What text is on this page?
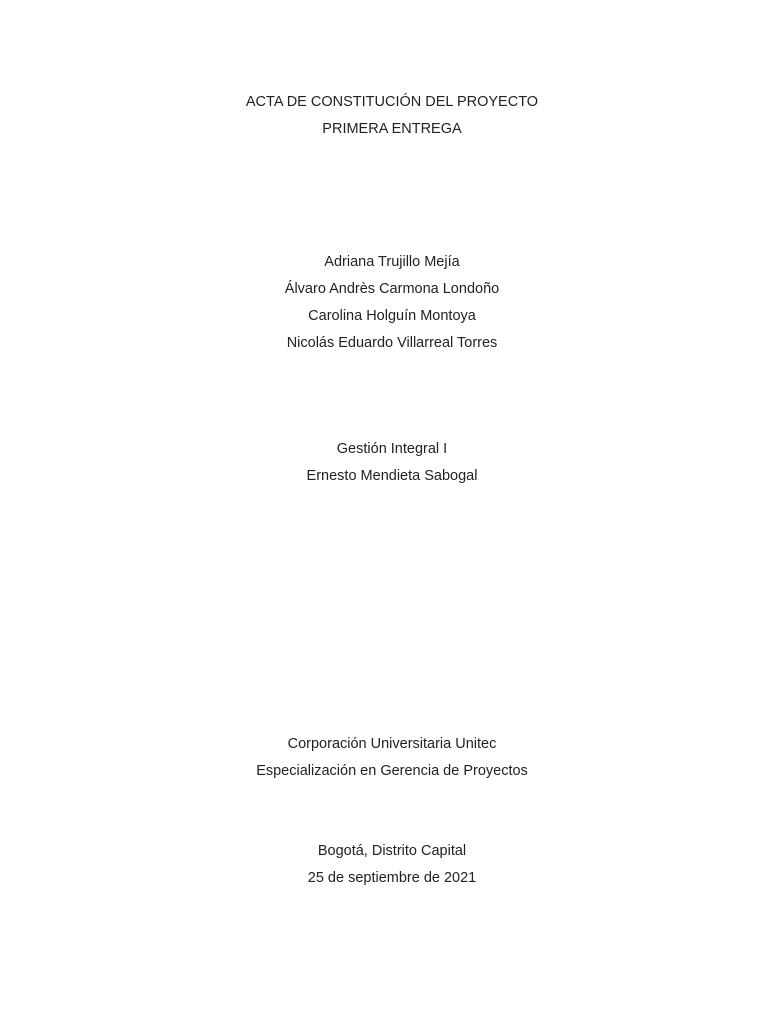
ACTA DE CONSTITUCIÓN DEL PROYECTO
PRIMERA ENTREGA
Adriana Trujillo Mejía
Álvaro Andrès Carmona Londoño
Carolina Holguín Montoya
Nicolás Eduardo Villarreal Torres
Gestión Integral I
Ernesto Mendieta Sabogal
Corporación Universitaria Unitec
Especialización en Gerencia de Proyectos
Bogotá, Distrito Capital
25 de septiembre de 2021
